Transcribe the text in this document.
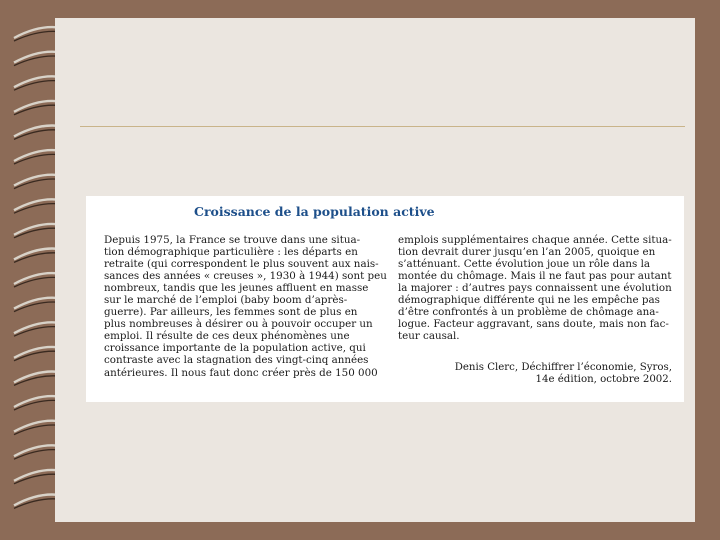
Croissance de la population active
Depuis 1975, la France se trouve dans une situa-
tion démographique particulière : les départs en
retraite (qui correspondent le plus souvent aux nais-
sances des années « creuses », 1930 à 1944) sont peu
nombreux, tandis que les jeunes affluent en masse
sur le marché de l’emploi (baby boom d’après-
guerre). Par ailleurs, les femmes sont de plus en
plus nombreuses à désirer ou à pouvoir occuper un
emploi. Il résulte de ces deux phénomènes une
croissance importante de la population active, qui
contraste avec la stagnation des vingt-cinq années
antérieures. Il nous faut donc créer près de 150 000
emplois supplémentaires chaque année. Cette situa-
tion devrait durer jusqu’en l’an 2005, quoique en
s’atténuant. Cette évolution joue un rôle dans la
montée du chômage. Mais il ne faut pas pour autant
la majorer : d’autres pays connaissent une évolution
démographique différente qui ne les empêche pas
d’être confrontés à un problème de chômage ana-
logue. Facteur aggravant, sans doute, mais non fac-
teur causal.
Denis Clerc, Déchiffrer l’économie, Syros,
14e édition, octobre 2002.
